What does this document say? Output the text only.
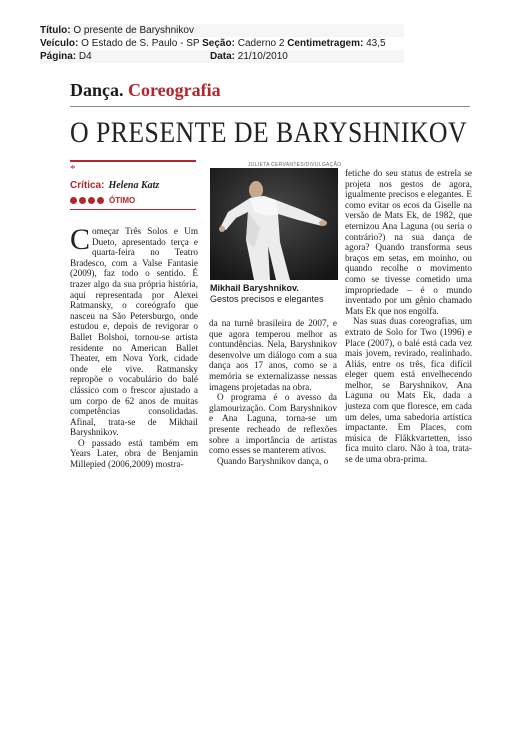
Título: O presente de Baryshnikov
Veículo: O Estado de S. Paulo - SP Seção: Caderno 2 Centimetragem: 43,5
Página: D4	Data: 21/10/2010
Dança. Coreografia
O PRESENTE DE BARYSHNIKOV
*
Crítica: Helena Katz
ÓTIMO

Começar Três Solos e Um Dueto, apresentado terça e quarta-feira no Teatro Bradesco, com a Valse Fantasie (2009), faz todo o sentido. É trazer algo da sua própria história, aqui representada por Alexei Ratmansky, o coreógrafo que nasceu na São Petersburgo, onde estudou e, depois de revigorar o Ballet Bolshoi, tornou-se artista residente no American Ballet Theater, em Nova York, cidade onde ele vive. Ratmansky repropõe o vocabulário do balé clássico com o frescor ajustado a um corpo de 62 anos de muitas competências consolidadas. Afinal, trata-se de Mikhail Baryshnikov.

O passado está também em Years Later, obra de Benjamin Millepied (2006,2009) mostra-

JULIETA CERVANTES/DIVULGAÇÃO
Mikhail Baryshnikov.
Gestos precisos e elegantes

da na turnê brasileira de 2007, e que agora temperou melhor as contundências. Nela, Baryshnikov desenvolve um diálogo com a sua dança aos 17 anos, como se a memória se externalizasse nessas imagens projetadas na obra.

O programa é o avesso da glamourização. Com Baryshnikov e Ana Laguna, torna-se um presente recheado de reflexões sobre a importância de artistas como esses se manterem ativos.

Quando Baryshnikov dança, o

fetiche do seu status de estrela se projeta nos gestos de agora, igualmente precisos e elegantes. E como evitar os ecos da Giselle na versão de Mats Ek, de 1982, que eternizou Ana Laguna (ou seria o contrário?) na sua dança de agora? Quando transforma seus braços em setas, em moinho, ou quando recolhe o movimento como se tivesse cometido uma impropriedade – é o mundo inventado por um gênio chamado Mats Ek que nos engolfa.

Nas suas duas coreografias, um extrato de Solo for Two (1996) e Place (2007), o balé está cada vez mais jovem, revirado, realinhado. Aliás, entre os três, fica difícil eleger quem está envelhecendo melhor, se Baryshnikov, Ana Laguna ou Mats Ek, dada a justeza com que floresce, em cada um deles, uma sabedoria artística impactante. Em Places, com música de Flåkkvartetten, isso fica muito claro. Não à toa, trata-se de uma obra-prima.
